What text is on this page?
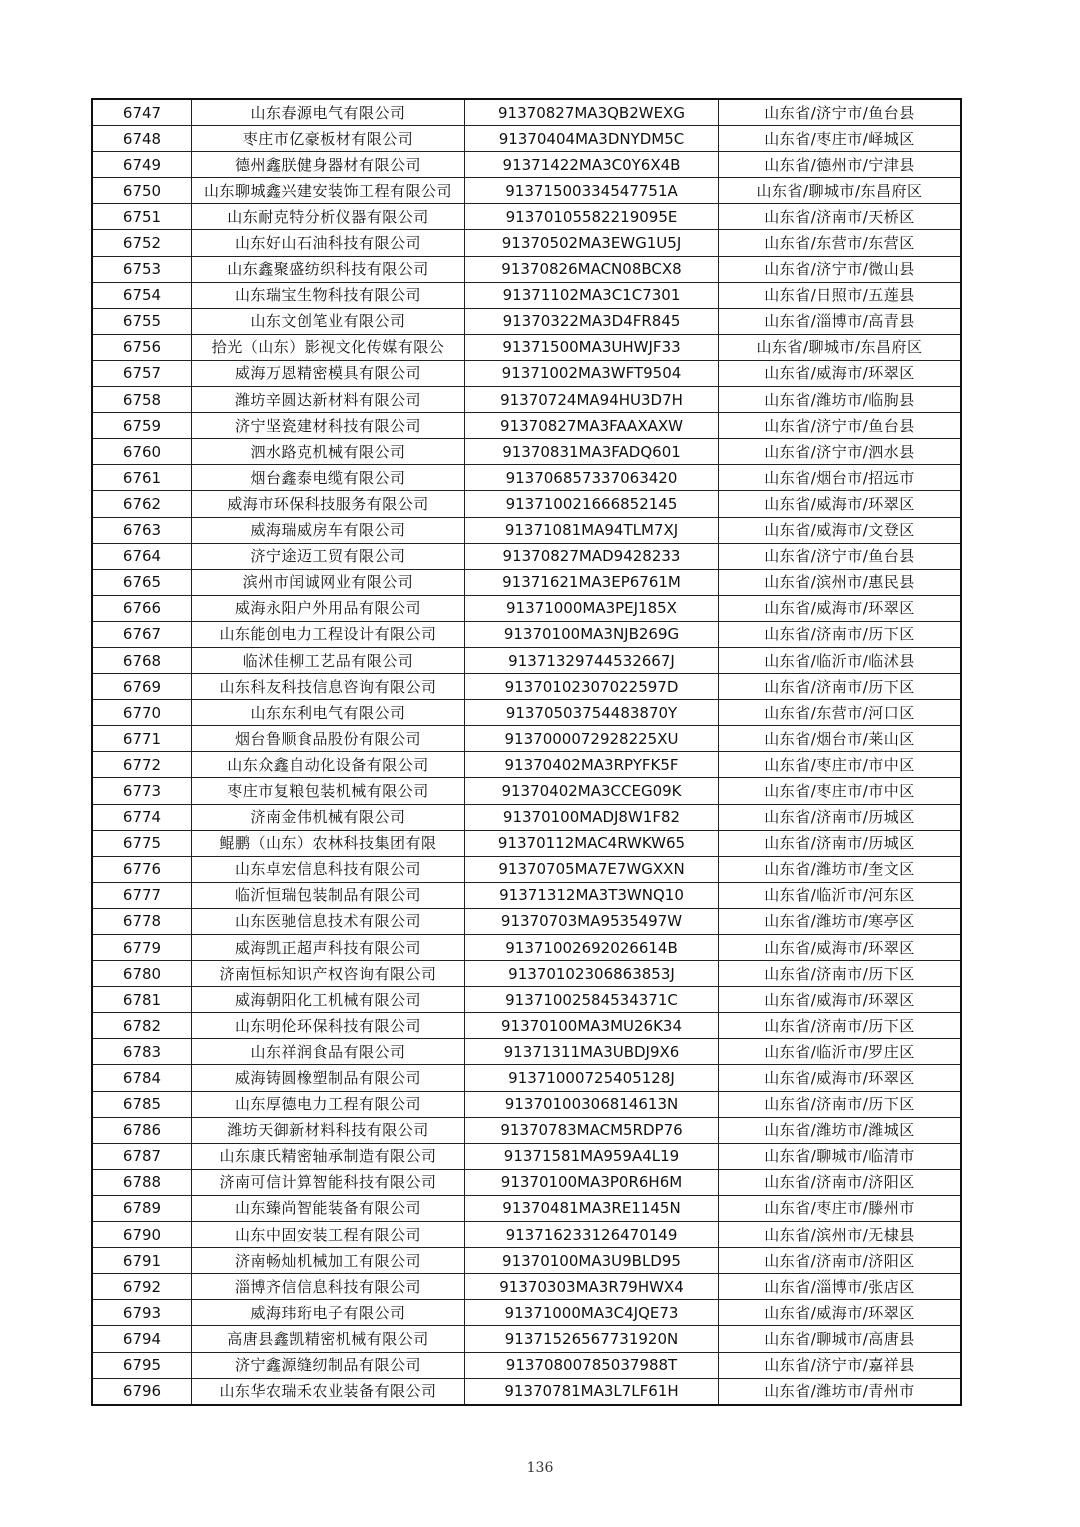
6747	山东春源电气有限公司	91370827MA3QB2WEXG	山东省/济宁市/鱼台县
6748	枣庄市亿豪板材有限公司	91370404MA3DNYDM5C	山东省/枣庄市/峄城区
6749	德州鑫朕健身器材有限公司	91371422MA3C0Y6X4B	山东省/德州市/宁津县
6750	山东聊城鑫兴建安装饰工程有限公司	91371500334547751A	山东省/聊城市/东昌府区
6751	山东耐克特分析仪器有限公司	91370105582219095E	山东省/济南市/天桥区
6752	山东好山石油科技有限公司	91370502MA3EWG1U5J	山东省/东营市/东营区
6753	山东鑫聚盛纺织科技有限公司	91370826MACN08BCX8	山东省/济宁市/微山县
6754	山东瑞宝生物科技有限公司	91371102MA3C1C7301	山东省/日照市/五莲县
6755	山东文创笔业有限公司	91370322MA3D4FR845	山东省/淄博市/高青县
6756	拾光（山东）影视文化传媒有限公	91371500MA3UHWJF33	山东省/聊城市/东昌府区
6757	威海万恩精密模具有限公司	91371002MA3WFT9504	山东省/威海市/环翠区
6758	潍坊辛圆达新材料有限公司	91370724MA94HU3D7H	山东省/潍坊市/临朐县
6759	济宁坚瓷建材科技有限公司	91370827MA3FAAXAXW	山东省/济宁市/鱼台县
6760	泗水路克机械有限公司	91370831MA3FADQ601	山东省/济宁市/泗水县
6761	烟台鑫泰电缆有限公司	913706857337063420	山东省/烟台市/招远市
6762	威海市环保科技服务有限公司	91371002166685214​5	山东省/威海市/环翠区
6763	威海瑞威房车有限公司	91371081MA94TLM7XJ	山东省/威海市/文登区
6764	济宁途迈工贸有限公司	91370827MAD9428233	山东省/济宁市/鱼台县
6765	滨州市闰诚网业有限公司	91371621MA3EP6761M	山东省/滨州市/惠民县
6766	威海永阳户外用品有限公司	91371000MA3PEJ185X	山东省/威海市/环翠区
6767	山东能创电力工程设计有限公司	91370100MA3NJB269G	山东省/济南市/历下区
6768	临沭佳柳工艺品有限公司	91371329744532667J	山东省/临沂市/临沭县
6769	山东科友科技信息咨询有限公司	91370102307022597D	山东省/济南市/历下区
6770	山东东利电气有限公司	91370503754483870Y	山东省/东营市/河口区
6771	烟台鲁顺食品股份有限公司	9137000072928225XU	山东省/烟台市/莱山区
6772	山东众鑫自动化设备有限公司	91370402MA3RPYFK5F	山东省/枣庄市/市中区
6773	枣庄市复粮包装机械有限公司	91370402MA3CCEG09K	山东省/枣庄市/市中区
6774	济南金伟机械有限公司	91370100MADJ8W1F82	山东省/济南市/历城区
6775	鲲鹏（山东）农林科技集团有限	91370112MAC4RWKW65	山东省/济南市/历城区
6776	山东卓宏信息科技有限公司	91370705MA7E7WGXXN	山东省/潍坊市/奎文区
6777	临沂恒瑞包装制品有限公司	91371312MA3T3WNQ10	山东省/临沂市/河东区
6778	山东医驰信息技术有限公司	91370703MA9535497W	山东省/潍坊市/寒亭区
6779	威海凯正超声科技有限公司	91371002692026614B	山东省/威海市/环翠区
6780	济南恒标知识产权咨询有限公司	91370102306863853J	山东省/济南市/历下区
6781	威海朝阳化工机械有限公司	91371002584534371C	山东省/威海市/环翠区
6782	山东明伦环保科技有限公司	91370100MA3MU26K34	山东省/济南市/历下区
6783	山东祥润食品有限公司	91371311MA3UBDJ9X6	山东省/临沂市/罗庄区
6784	威海铸圆橡塑制品有限公司	91371000725405128J	山东省/威海市/环翠区
6785	山东厚德电力工程有限公司	91370100306814613N	山东省/济南市/历下区
6786	潍坊天御新材料科技有限公司	91370783MACM5RDP76	山东省/潍坊市/潍城区
6787	山东康氏精密轴承制造有限公司	91371581MA959A4L19	山东省/聊城市/临清市
6788	济南可信计算智能科技有限公司	91370100MA3P0R6H6M	山东省/济南市/济阳区
6789	山东臻尚智能装备有限公司	91370481MA3RE1145N	山东省/枣庄市/滕州市
6790	山东中固安装工程有限公司	913716233126470149	山东省/滨州市/无棣县
6791	济南畅灿机械加工有限公司	91370100MA3U9BLD95	山东省/济南市/济阳区
6792	淄博齐信信息科技有限公司	91370303MA3R79HWX4	山东省/淄博市/张店区
6793	威海玮珩电子有限公司	91371000MA3C4JQE73	山东省/威海市/环翠区
6794	高唐县鑫凯精密机械有限公司	91371526567731920N	山东省/聊城市/高唐县
6795	济宁鑫源缝纫制品有限公司	91370800785037988T	山东省/济宁市/嘉祥县
6796	山东华农瑞禾农业装备有限公司	91370781MA3L7LF61H	山东省/潍坊市/青州市
136
